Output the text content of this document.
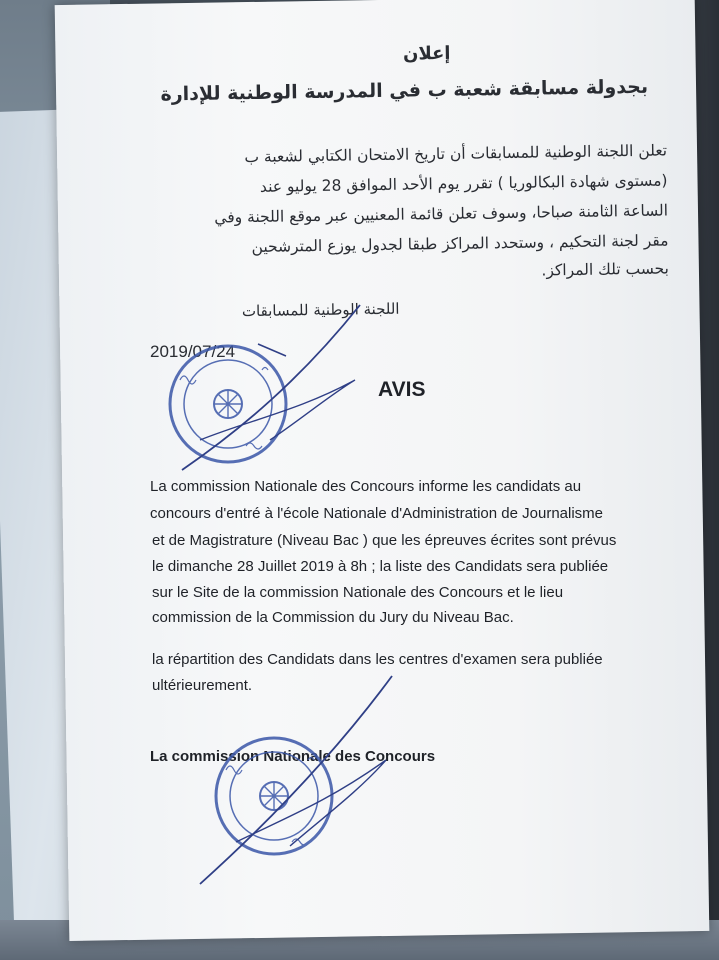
إعلان
بجدولة مسابقة شعبة ب في المدرسة الوطنية للإدارة
تعلن اللجنة الوطنية للمسابقات أن تاريخ الامتحان الكتابي لشعبة ب
(مستوى شهادة البكالوريا ) تقرر يوم الأحد الموافق 28 يوليو عند
الساعة الثامنة صباحا، وسوف تعلن قائمة المعنيين عبر موقع اللجنة وفي
مقر لجنة التحكيم ، وستحدد المراكز طبقا لجدول يوزع المترشحين
بحسب تلك المراكز.
اللجنة الوطنية للمسابقات
2019/07/24
AVIS
La commission Nationale des Concours informe les candidats au
concours d'entré à l'école Nationale d'Administration de Journalisme
et de Magistrature (Niveau Bac ) que les épreuves écrites sont prévus
le dimanche 28 Juillet 2019 à 8h ; la liste des Candidats sera publiée
sur le Site de la commission Nationale des Concours et le lieu
commission de la Commission du Jury du Niveau Bac.
la répartition des Candidats dans les centres d'examen sera publiée
ultérieurement.
La commission Nationale des Concours
